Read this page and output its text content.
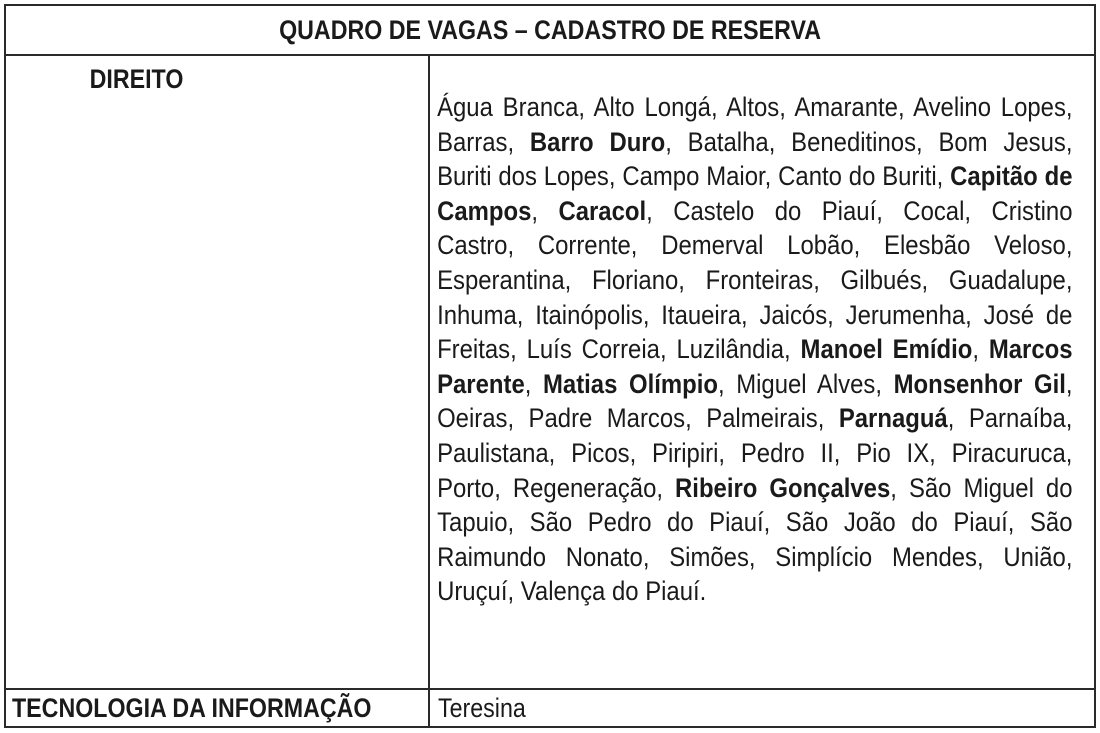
QUADRO DE VAGAS – CADASTRO DE RESERVA	
DIREITO	Água Branca, Alto Longá, Altos, Amarante, Avelino Lopes, Barras, Barro Duro, Batalha, Beneditinos, Bom Jesus, Buriti dos Lopes, Campo Maior, Canto do Buriti, Capitão de Campos, Caracol, Castelo do Piauí, Cocal, Cristino Castro, Corrente, Demerval Lobão, Elesbão Veloso, Esperantina, Floriano, Fronteiras, Gilbués, Guadalupe, Inhuma, Itainópolis, Itaueira, Jaicós, Jerumenha, José de Freitas, Luís Correia, Luzilândia, Manoel Emídio, Marcos Parente, Matias Olímpio, Miguel Alves, Monsenhor Gil, Oeiras, Padre Marcos, Palmeirais, Parnaguá, Parnaíba, Paulistana, Picos, Piripiri, Pedro II, Pio IX, Piracuruca, Porto, Regeneração, Ribeiro Gonçalves, São Miguel do Tapuio, São Pedro do Piauí, São João do Piauí, São Raimundo Nonato, Simões, Simplício Mendes, União, Uruçuí, Valença do Piauí.

TECNOLOGIA DA INFORMAÇÃO	Teresina
